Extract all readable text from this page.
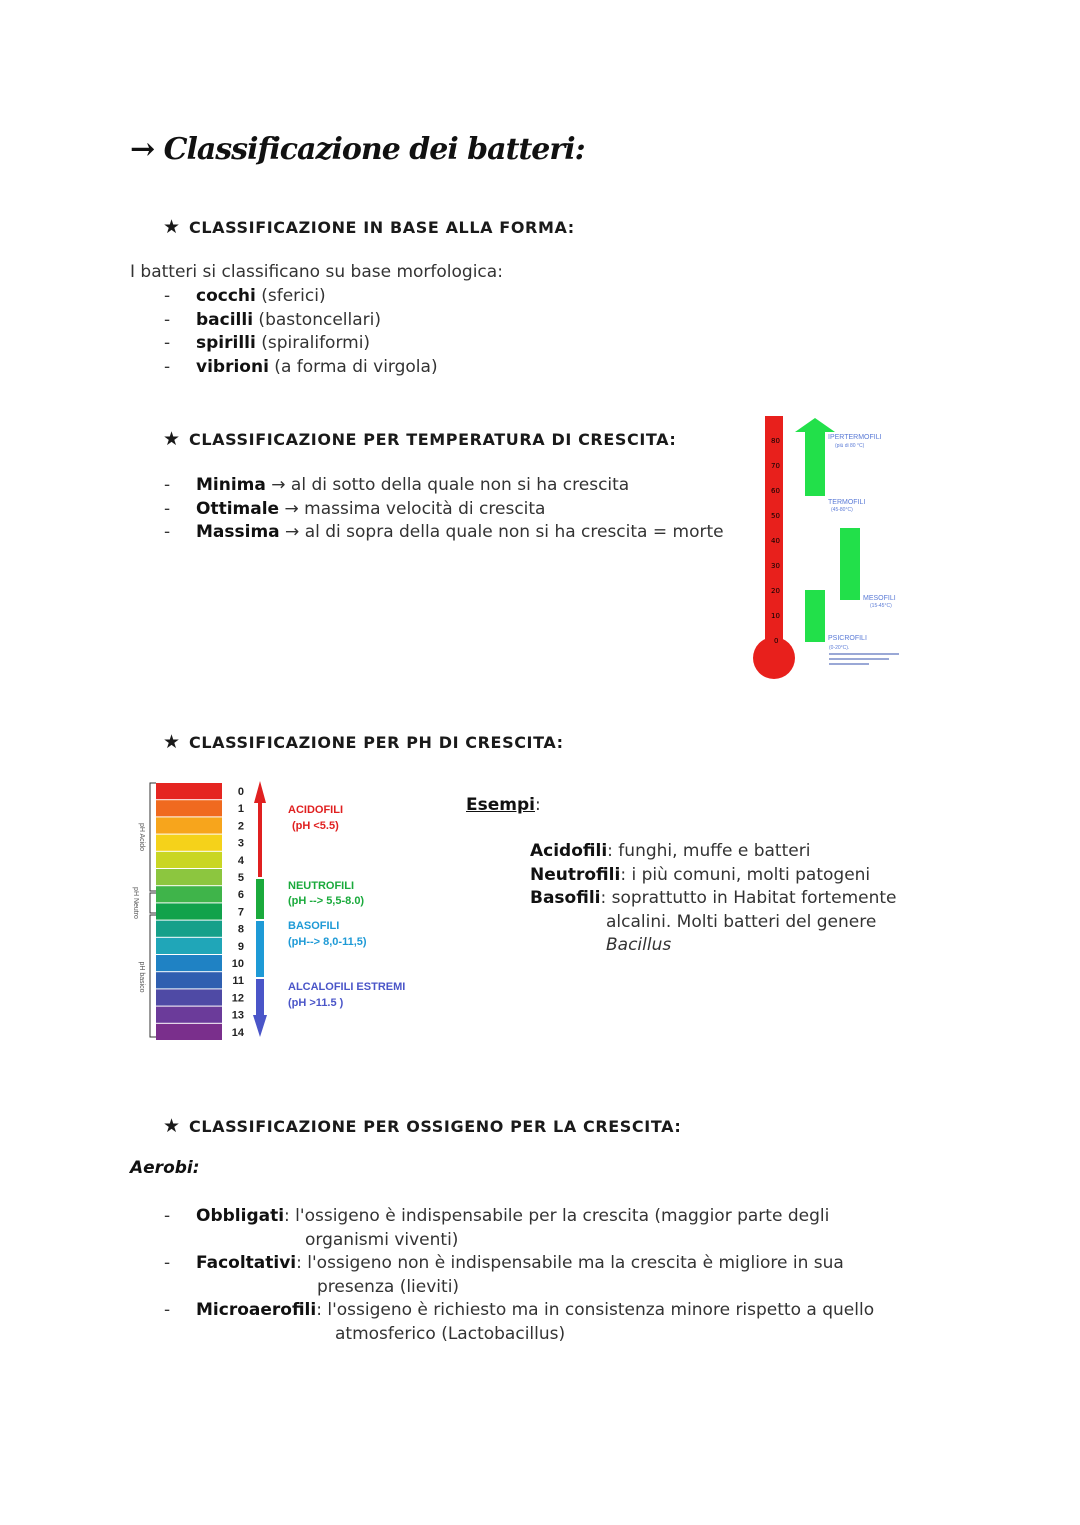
→ Classificazione dei batteri:
★ CLASSIFICAZIONE IN BASE ALLA FORMA:
I batteri si classificano su base morfologica:
- cocchi (sferici)
- bacilli (bastoncellari)
- spirilli (spiraliformi)
- vibrioni (a forma di virgola)
★ CLASSIFICAZIONE PER TEMPERATURA DI CRESCITA:
- Minima → al di sotto della quale non si ha crescita
- Ottimale → massima velocità di crescita
- Massima → al di sopra della quale non si ha crescita = morte
80
70
60
50
40
30
20
10
0
IPERTERMOFILI
(più di 80 °C)
TERMOFILI
(45-80°C)
MESOFILI
(15-45°C)
PSICROFILI
(0-20°C).
★ CLASSIFICAZIONE PER PH DI CRESCITA:
pH Acido
pH Neutro
pH basico
0
1
2
3
4
5
6
7
8
9
10
11
12
13
14
ACIDOFILI
(pH <5.5)
NEUTROFILI
(pH --> 5,5-8.0)
BASOFILI
(pH--> 8,0-11,5)
ALCALOFILI ESTREMI
(pH >11.5 )
Esempi:
Acidofili: funghi, muffe e batteri
Neutrofili: i più comuni, molti patogeni
Basofili: soprattutto in Habitat fortemente
alcalini. Molti batteri del genere
Bacillus
★ CLASSIFICAZIONE PER OSSIGENO PER LA CRESCITA:
Aerobi:
- Obbligati: l'ossigeno è indispensabile per la crescita (maggior parte degli
organismi viventi)
- Facoltativi: l'ossigeno non è indispensabile ma la crescita è migliore in sua
presenza (lieviti)
- Microaerofili: l'ossigeno è richiesto ma in consistenza minore rispetto a quello
atmosferico (Lactobacillus)
